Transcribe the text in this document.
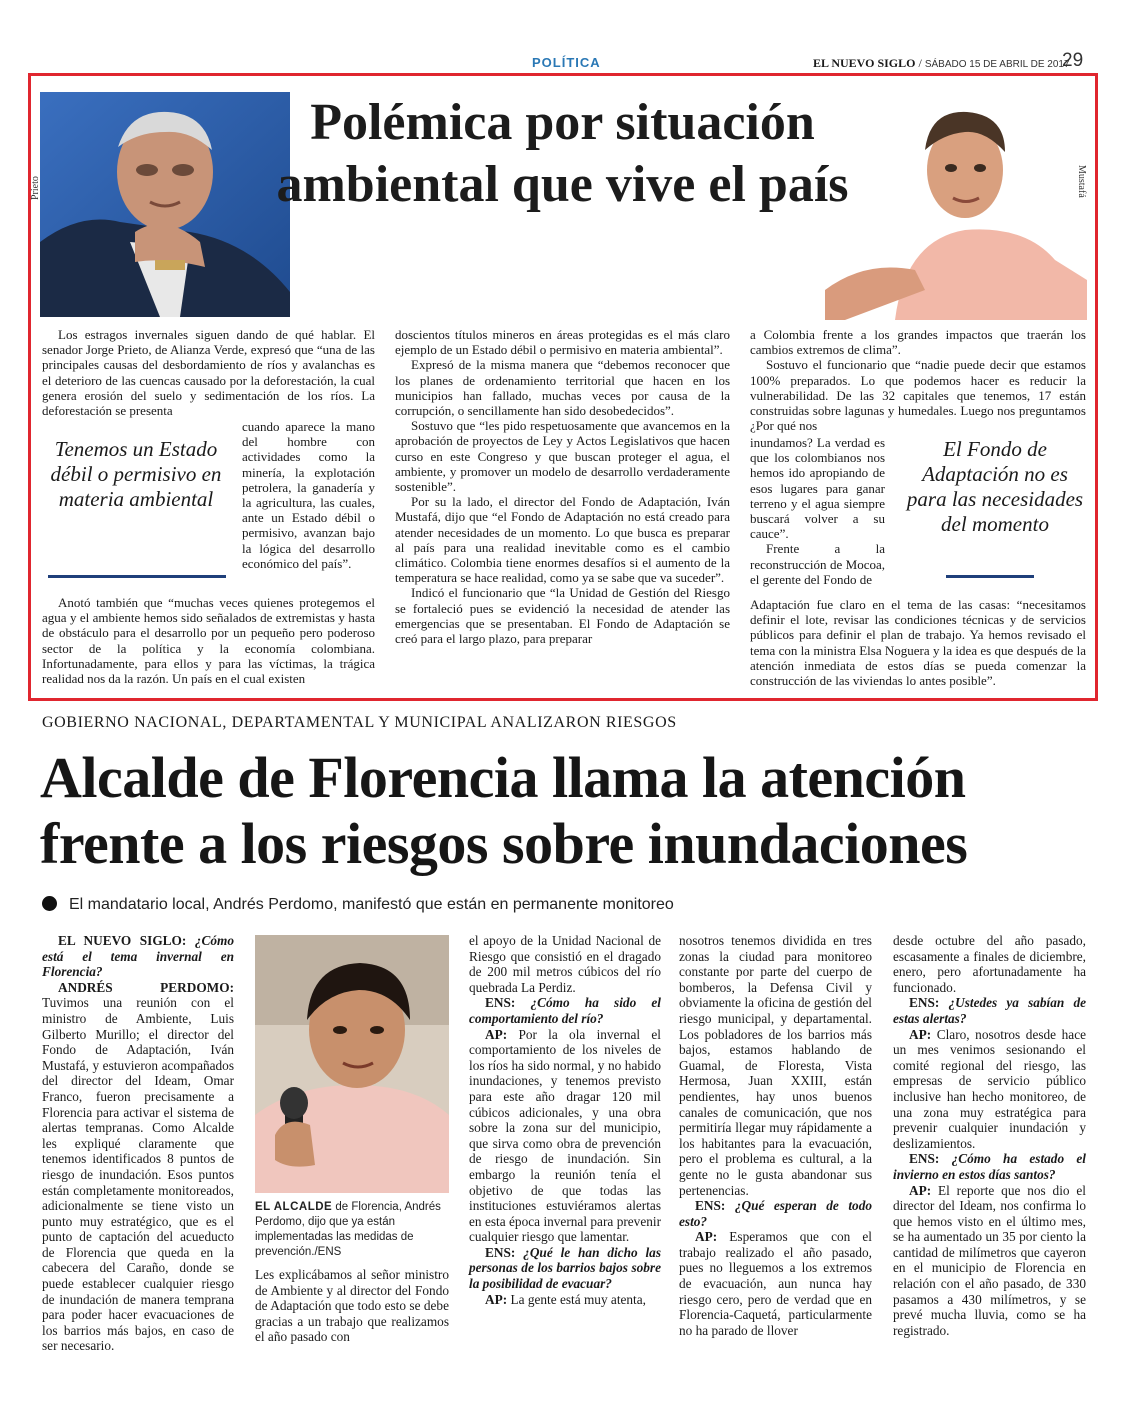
POLÍTICA	EL NUEVO SIGLO / SÁBADO 15 DE ABRIL DE 2017
29
Prieto	Mustafá
Polémica por situación ambiental que vive el país

Los estragos invernales siguen dando de qué hablar. El senador Jorge Prieto, de Alianza Verde, expresó que “una de las principales causas del desbordamiento de ríos y avalanchas es el deterioro de las cuencas causado por la deforestación, la cual genera erosión del suelo y sedimentación de los ríos. La deforestación se presenta

Tenemos un Estado débil o permisivo en materia ambiental

cuando aparece la mano del hombre con actividades como la minería, la explotación petrolera, la ganadería y la agricultura, las cuales, ante un Estado débil o permisivo, avanzan bajo la lógica del desarrollo económico del país”.

Anotó también que “muchas veces quienes protegemos el agua y el ambiente hemos sido señalados de extremistas y hasta de obstáculo para el desarrollo por un pequeño pero poderoso sector de la política y la economía colombiana. Infortunadamente, para ellos y para las víctimas, la trágica realidad nos da la razón. Un país en el cual existen

doscientos títulos mineros en áreas protegidas es el más claro ejemplo de un Estado débil o permisivo en materia ambiental”.

Expresó de la misma manera que “debemos reconocer que los planes de ordenamiento territorial que hacen en los municipios han fallado, muchas veces por causa de la corrupción, o sencillamente han sido desobedecidos”.

Sostuvo que “les pido respetuosamente que avancemos en la aprobación de proyectos de Ley y Actos Legislativos que hacen curso en este Congreso y que buscan proteger el agua, el ambiente, y promover un modelo de desarrollo verdaderamente sostenible”.

Por su la lado, el director del Fondo de Adaptación, Iván Mustafá, dijo que “el Fondo de Adaptación no está creado para atender necesidades de un momento. Lo que busca es preparar al país para una realidad inevitable como es el cambio climático. Colombia tiene enormes desafíos si el aumento de la temperatura se hace realidad, como ya se sabe que va suceder”.

Indicó el funcionario que “la Unidad de Gestión del Riesgo se fortaleció pues se evidenció la necesidad de atender las emergencias que se presentaban. El Fondo de Adaptación se creó para el largo plazo, para preparar

a Colombia frente a los grandes impactos que traerán los cambios extremos de clima”.

Sostuvo el funcionario que “nadie puede decir que estamos 100% preparados. Lo que podemos hacer es reducir la vulnerabilidad. De las 32 capitales que tenemos, 17 están construidas sobre lagunas y humedales. Luego nos preguntamos ¿Por qué nos

inundamos? La verdad es que los colombianos nos hemos ido apropiando de esos lugares para ganar terreno y el agua siempre buscará volver a su cauce”.

Frente a la reconstrucción de Mocoa, el gerente del Fondo de

El Fondo de Adaptación no es para las necesidades del momento

Adaptación fue claro en el tema de las casas: “necesitamos definir el lote, revisar las condiciones técnicas y de servicios públicos para definir el plan de trabajo. Ya hemos revisado el tema con la ministra Elsa Noguera y la idea es que después de la atención inmediata de estos días se pueda comenzar la construcción de las viviendas lo antes posible”.

GOBIERNO NACIONAL, DEPARTAMENTAL Y MUNICIPAL ANALIZARON RIESGOS
Alcalde de Florencia llama la atención frente a los riesgos sobre inundaciones
El mandatario local, Andrés Perdomo, manifestó que están en permanente monitoreo

EL NUEVO SIGLO: ¿Cómo está el tema invernal en Florencia?

ANDRÉS PERDOMO: Tuvimos una reunión con el ministro de Ambiente, Luis Gilberto Murillo; el director del Fondo de Adaptación, Iván Mustafá, y estuvieron acompañados del director del Ideam, Omar Franco, fueron precisamente a Florencia para activar el sistema de alertas tempranas. Como Alcalde les expliqué claramente que tenemos identificados 8 puntos de riesgo de inundación. Esos puntos están completamente monitoreados, adicionalmente se tiene visto un punto muy estratégico, que es el punto de captación del acueducto de Florencia que queda en la cabecera del Caraño, donde se puede establecer cualquier riesgo de inundación de manera temprana para poder hacer evacuaciones de los barrios más bajos, en caso de ser necesario.

EL ALCALDE de Florencia, Andrés Perdomo, dijo que ya están implementadas las medidas de prevención./ENS

Les explicábamos al señor ministro de Ambiente y al director del Fondo de Adaptación que todo esto se debe gracias a un trabajo que realizamos el año pasado con

el apoyo de la Unidad Nacional de Riesgo que consistió en el dragado de 200 mil metros cúbicos del río quebrada La Perdiz.

ENS: ¿Cómo ha sido el comportamiento del río?

AP: Por la ola invernal el comportamiento de los niveles de los ríos ha sido normal, y no habido inundaciones, y tenemos previsto para este año dragar 120 mil cúbicos adicionales, y una obra sobre la zona sur del municipio, que sirva como obra de prevención de riesgo de inundación. Sin embargo la reunión tenía el objetivo de que todas las instituciones estuviéramos alertas en esta época invernal para prevenir cualquier riesgo que lamentar.

ENS: ¿Qué le han dicho las personas de los barrios bajos sobre la posibilidad de evacuar?

AP: La gente está muy atenta,

nosotros tenemos dividida en tres zonas la ciudad para monitoreo constante por parte del cuerpo de bomberos, la Defensa Civil y obviamente la oficina de gestión del riesgo municipal, y departamental. Los pobladores de los barrios más bajos, estamos hablando de Guamal, de Floresta, Vista Hermosa, Juan XXIII, están pendientes, hay unos buenos canales de comunicación, que nos permitiría llegar muy rápidamente a los habitantes para la evacuación, pero el problema es cultural, a la gente no le gusta abandonar sus pertenencias.

ENS: ¿Qué esperan de todo esto?

AP: Esperamos que con el trabajo realizado el año pasado, pues no lleguemos a los extremos de evacuación, aun nunca hay riesgo cero, pero de verdad que en Florencia-Caquetá, particularmente no ha parado de llover

desde octubre del año pasado, escasamente a finales de diciembre, enero, pero afortunadamente ha funcionado.

ENS: ¿Ustedes ya sabían de estas alertas?

AP: Claro, nosotros desde hace un mes venimos sesionando el comité regional del riesgo, las empresas de servicio público inclusive han hecho monitoreo, de una zona muy estratégica para prevenir cualquier inundación y deslizamientos.

ENS: ¿Cómo ha estado el invierno en estos días santos?

AP: El reporte que nos dio el director del Ideam, nos confirma lo que hemos visto en el último mes, se ha aumentado un 35 por ciento la cantidad de milímetros que cayeron en el municipio de Florencia en relación con el año pasado, de 330 pasamos a 430 milímetros, y se prevé mucha lluvia, como se ha registrado.
